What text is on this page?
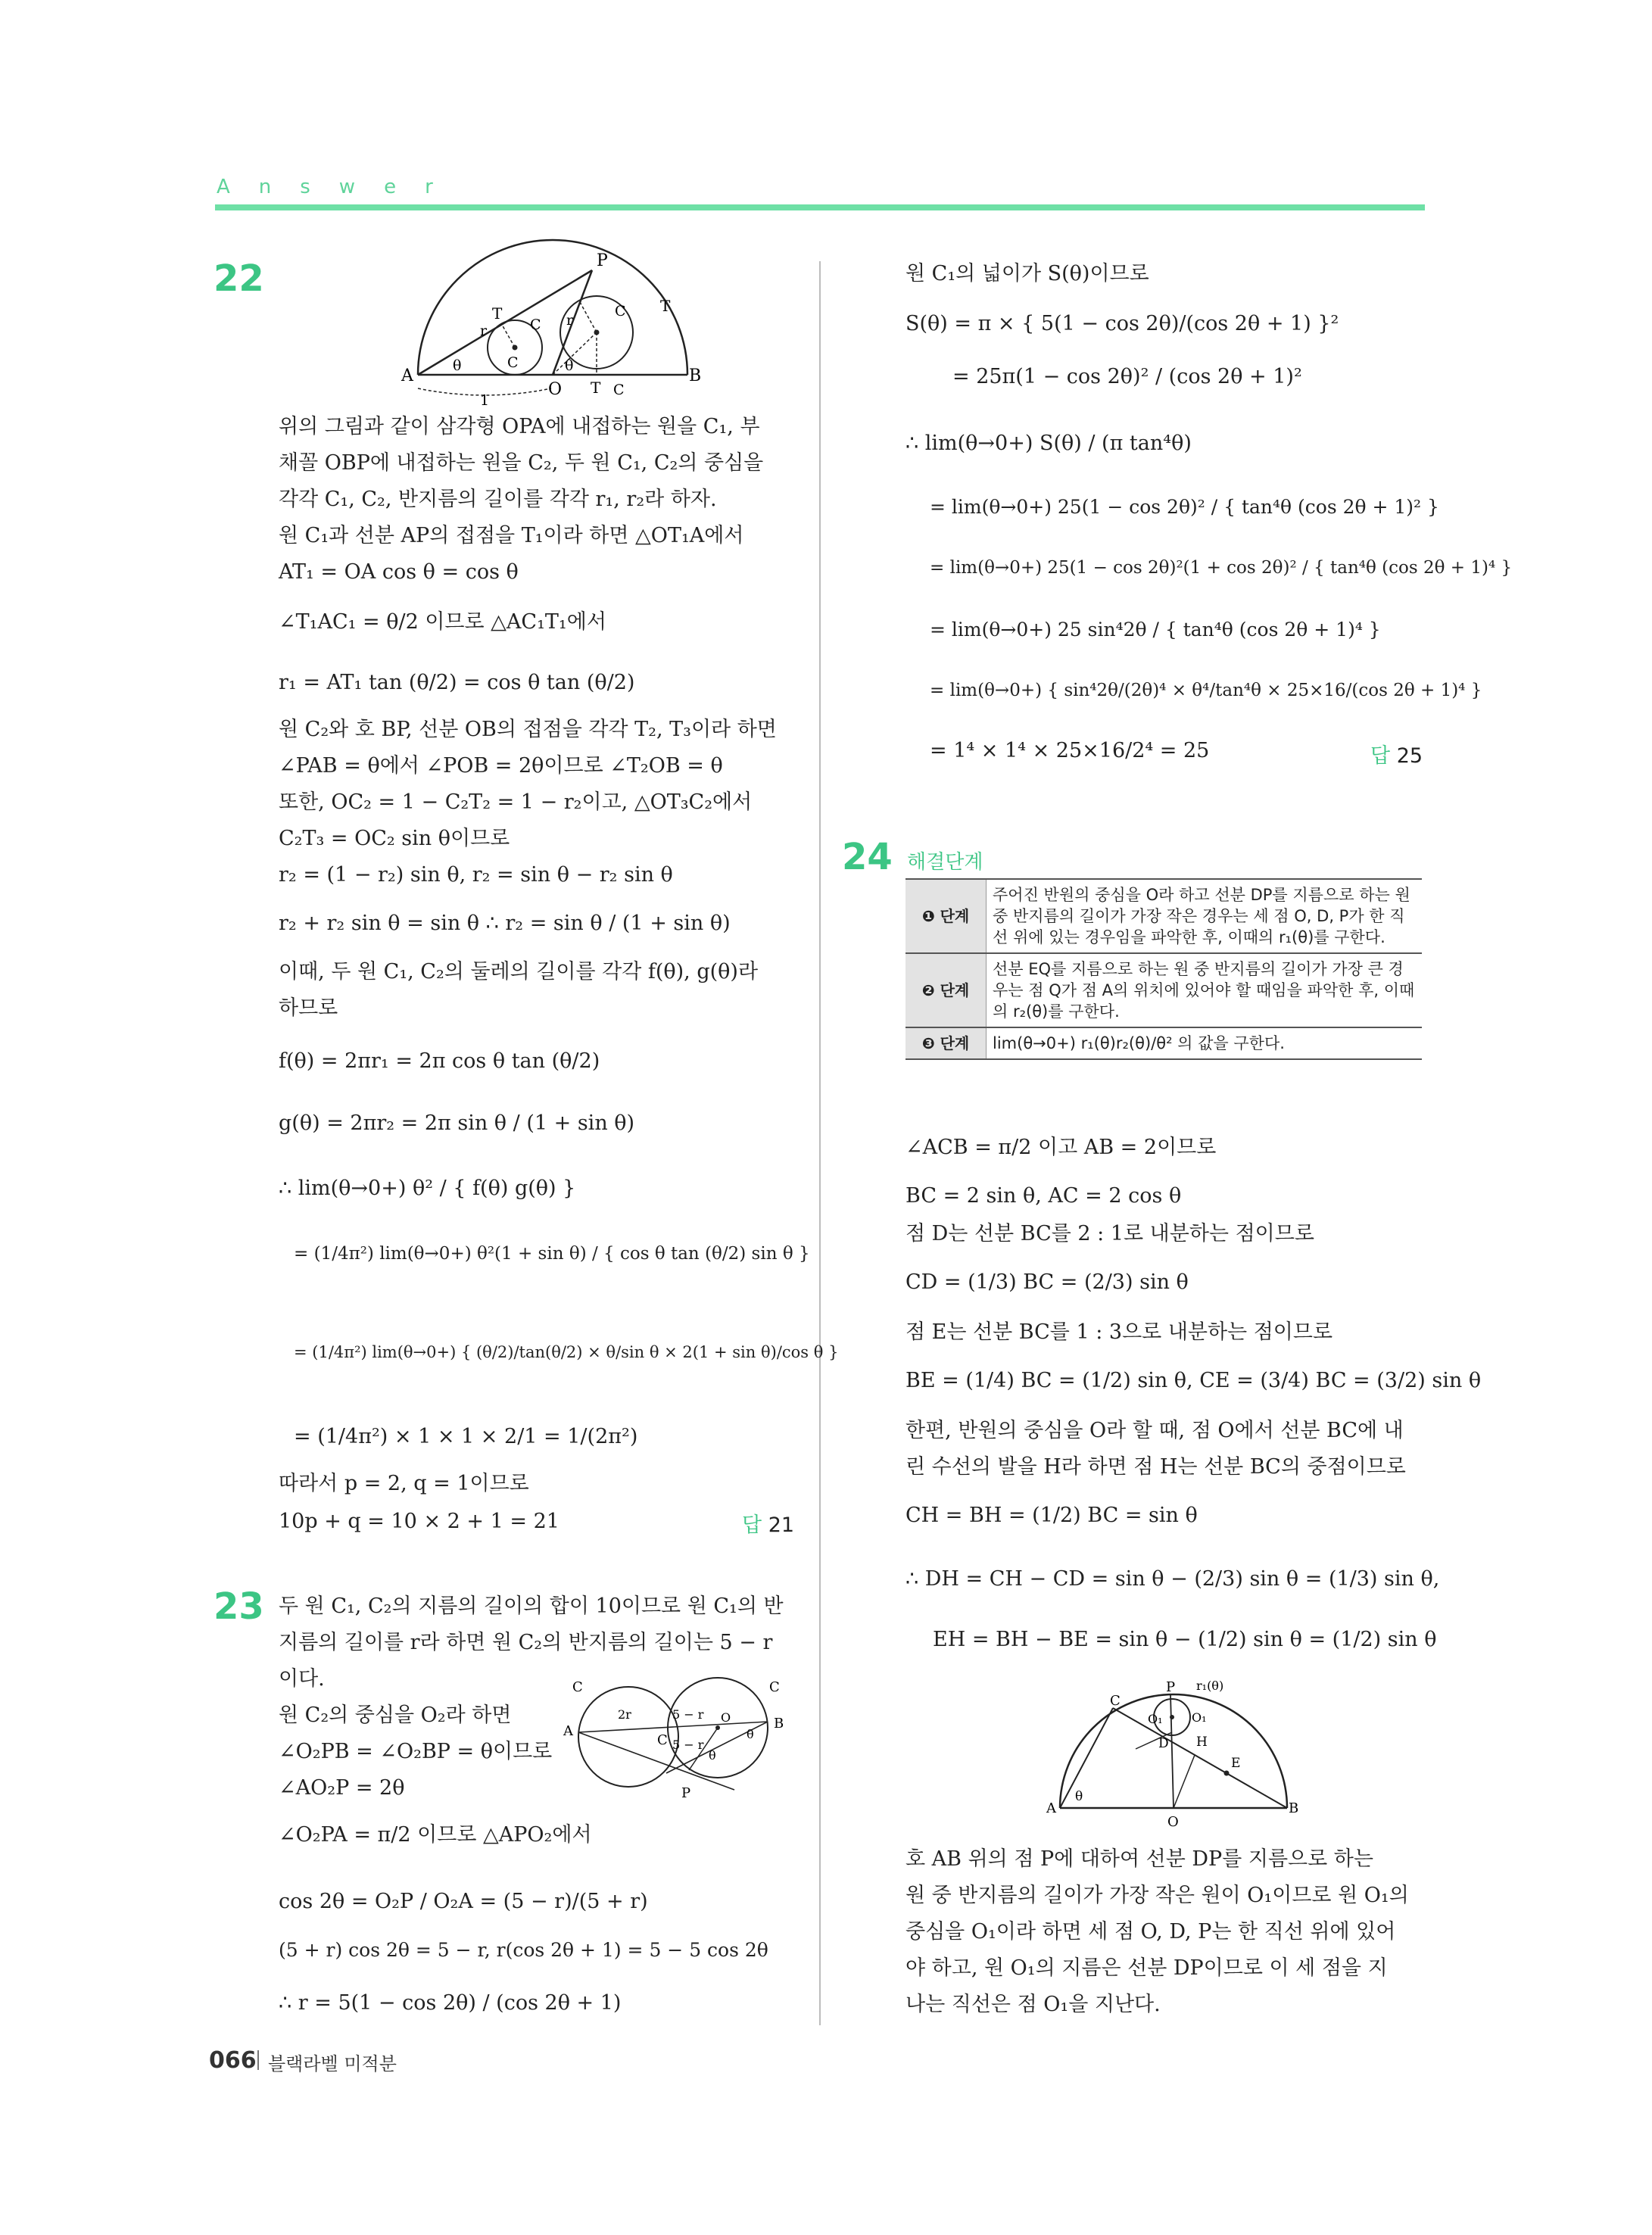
Answer
22	P
A
O
B
T	T
T
C
C
C
C
r
r
θ	θ
1
위의 그림과 같이 삼각형 OPA에 내접하는 원을 C₁, 부
채꼴 OBP에 내접하는 원을 C₂, 두 원 C₁, C₂의 중심을
각각 C₁, C₂, 반지름의 길이를 각각 r₁, r₂라 하자.
원 C₁과 선분 AP의 접점을 T₁이라 하면 △OT₁A에서
AT₁ = OA cos θ = cos θ
∠T₁AC₁ = θ/2 이므로 △AC₁T₁에서
r₁ = AT₁ tan (θ/2) = cos θ tan (θ/2)
원 C₂와 호 BP, 선분 OB의 접점을 각각 T₂, T₃이라 하면
∠PAB = θ에서 ∠POB = 2θ이므로 ∠T₂OB = θ
또한, OC₂ = 1 − C₂T₂ = 1 − r₂이고, △OT₃C₂에서
C₂T₃ = OC₂ sin θ이므로
r₂ = (1 − r₂) sin θ, r₂ = sin θ − r₂ sin θ
r₂ + r₂ sin θ = sin θ ∴ r₂ = sin θ / (1 + sin θ)
이때, 두 원 C₁, C₂의 둘레의 길이를 각각 f(θ), g(θ)라
하므로
f(θ) = 2πr₁ = 2π cos θ tan (θ/2)
g(θ) = 2πr₂ = 2π sin θ / (1 + sin θ)
∴ lim(θ→0+) θ² / { f(θ) g(θ) }
= (1/4π²) lim(θ→0+) θ²(1 + sin θ) / { cos θ tan (θ/2) sin θ }
= (1/4π²) lim(θ→0+) { (θ/2)/tan(θ/2) × θ/sin θ × 2(1 + sin θ)/cos θ }
= (1/4π²) × 1 × 1 × 2/1 = 1/(2π²)
따라서 p = 2, q = 1이므로
10p + q = 10 × 2 + 1 = 21	답 21
23 두 원 C₁, C₂의 지름의 길이의 합이 10이므로 원 C₁의 반
지름의 길이를 r라 하면 원 C₂의 반지름의 길이는 5 − r
이다.
원 C₂의 중심을 O₂라 하면
∠O₂PB = ∠O₂BP = θ이므로
∠AO₂P = 2θ
∠O₂PA = π/2 이므로 △APO₂에서
cos 2θ = O₂P / O₂A = (5 − r)/(5 + r)
(5 + r) cos 2θ = 5 − r, r(cos 2θ + 1) = 5 − 5 cos 2θ
∴ r = 5(1 − cos 2θ) / (cos 2θ + 1)
C	C
A	B
C
P
O
2r	5 − r
5 − r
θ
θ
원 C₁의 넓이가 S(θ)이므로
S(θ) = π × { 5(1 − cos 2θ)/(cos 2θ + 1) }²
= 25π(1 − cos 2θ)² / (cos 2θ + 1)²
∴ lim(θ→0+) S(θ) / (π tan⁴θ)
= lim(θ→0+) 25(1 − cos 2θ)² / { tan⁴θ (cos 2θ + 1)² }
= lim(θ→0+) 25(1 − cos 2θ)²(1 + cos 2θ)² / { tan⁴θ (cos 2θ + 1)⁴ }
= lim(θ→0+) 25 sin⁴2θ / { tan⁴θ (cos 2θ + 1)⁴ }
= lim(θ→0+) { sin⁴2θ/(2θ)⁴ × θ⁴/tan⁴θ × 25×16/(cos 2θ + 1)⁴ }
= 1⁴ × 1⁴ × 25×16/2⁴ = 25	답 25
24 해결단계
❶ 단계	주어진 반원의 중심을 O라 하고 선분 DP를 지름으로 하는 원 중 반지름의 길이가 가장 작은 경우는 세 점 O, D, P가 한 직선 위에 있는 경우임을 파악한 후, 이때의 r₁(θ)를 구한다.
❷ 단계	선분 EQ를 지름으로 하는 원 중 반지름의 길이가 가장 큰 경우는 점 Q가 점 A의 위치에 있어야 할 때임을 파악한 후, 이때의 r₂(θ)를 구한다.
❸ 단계	lim(θ→0+) r₁(θ)r₂(θ)/θ² 의 값을 구한다.
∠ACB = π/2 이고 AB = 2이므로
BC = 2 sin θ, AC = 2 cos θ
점 D는 선분 BC를 2 : 1로 내분하는 점이므로
CD = (1/3) BC = (2/3) sin θ
점 E는 선분 BC를 1 : 3으로 내분하는 점이므로
BE = (1/4) BC = (1/2) sin θ, CE = (3/4) BC = (3/2) sin θ
한편, 반원의 중심을 O라 할 때, 점 O에서 선분 BC에 내
린 수선의 발을 H라 하면 점 H는 선분 BC의 중점이므로
CH = BH = (1/2) BC = sin θ
∴ DH = CH − CD = sin θ − (2/3) sin θ = (1/3) sin θ,
EH = BH − BE = sin θ − (1/2) sin θ = (1/2) sin θ
C
P r₁(θ)
O₁ O₁
D H
E
A
O
B
θ
호 AB 위의 점 P에 대하여 선분 DP를 지름으로 하는
원 중 반지름의 길이가 가장 작은 원이 O₁이므로 원 O₁의
중심을 O₁이라 하면 세 점 O, D, P는 한 직선 위에 있어
야 하고, 원 O₁의 지름은 선분 DP이므로 이 세 점을 지
나는 직선은 점 O₁을 지난다.
066 블랙라벨 미적분
